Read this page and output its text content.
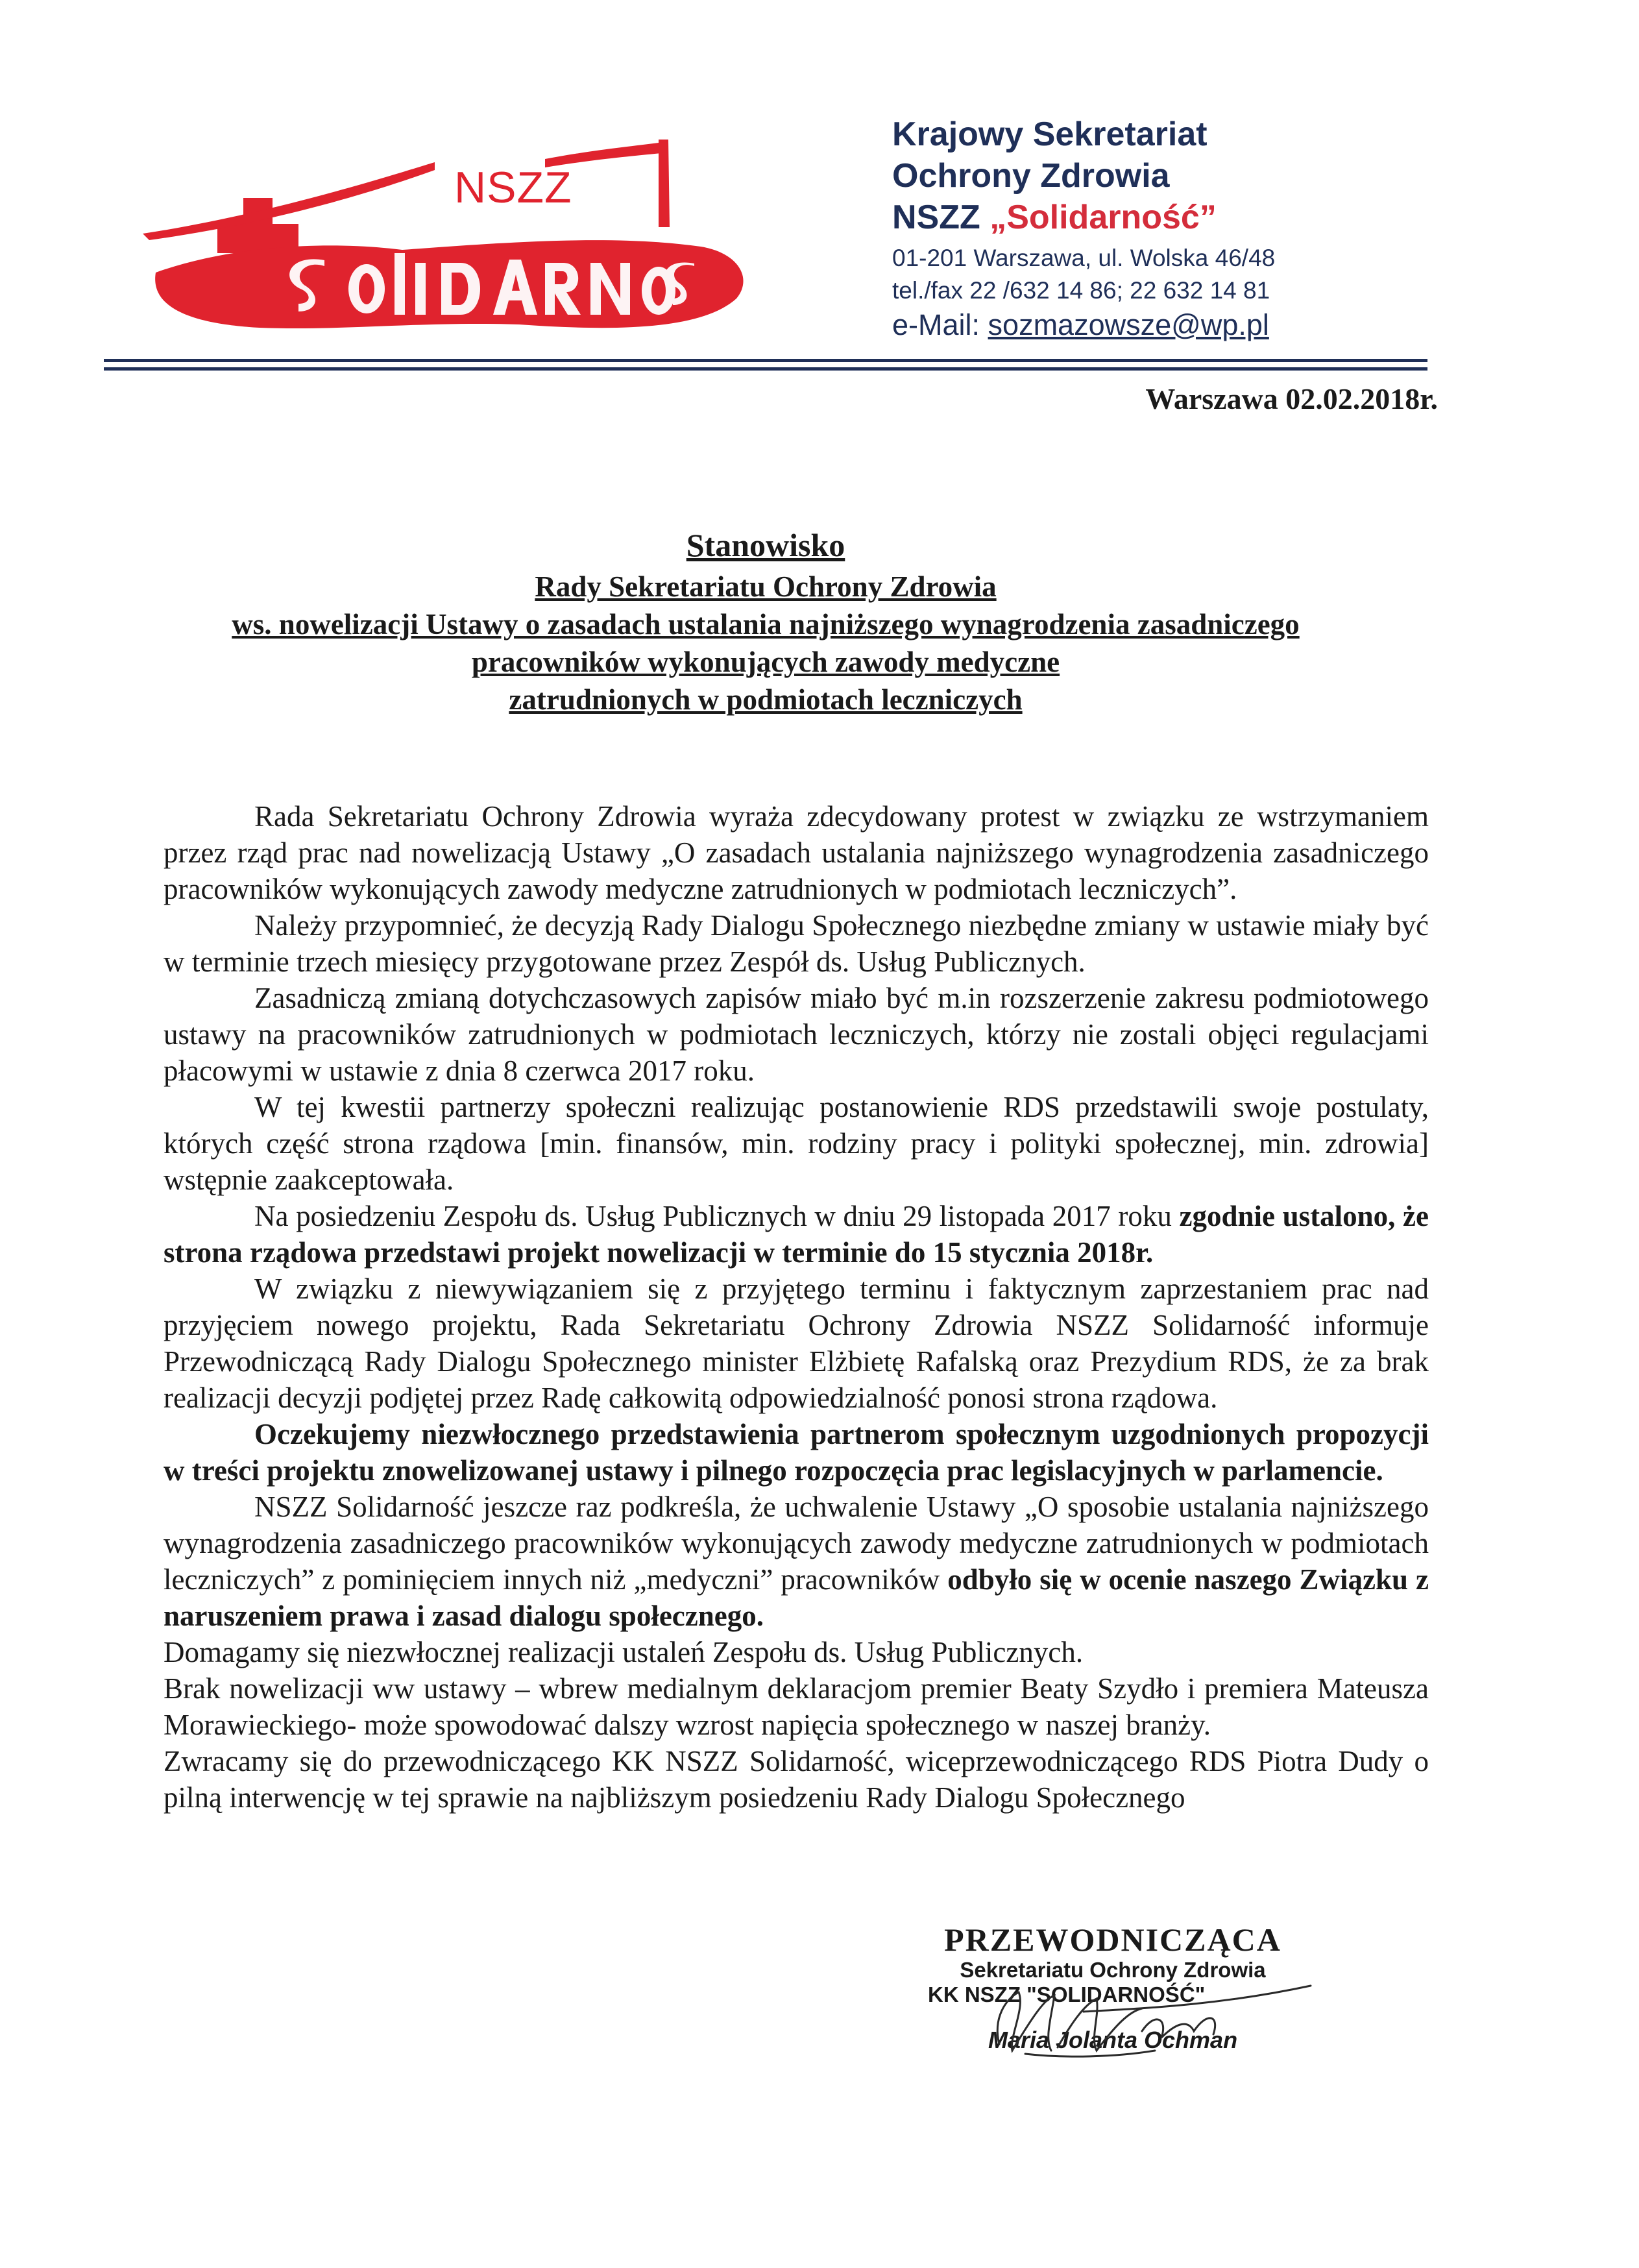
NSZZ
Krajowy Sekretariat
Ochrony Zdrowia
NSZZ „Solidarność”
01-201 Warszawa, ul. Wolska 46/48
tel./fax 22 /632 14 86; 22 632 14 81
e-Mail: sozmazowsze@wp.pl
Warszawa 02.02.2018r.
Stanowisko
Rady Sekretariatu Ochrony Zdrowia
ws. nowelizacji Ustawy o zasadach ustalania najniższego wynagrodzenia zasadniczego
pracowników wykonujących zawody medyczne
zatrudnionych w podmiotach leczniczych

Rada Sekretariatu Ochrony Zdrowia wyraża zdecydowany protest w związku ze wstrzymaniem przez rząd prac nad nowelizacją Ustawy „O zasadach ustalania najniższego wynagrodzenia zasadniczego pracowników wykonujących zawody medyczne zatrudnionych w podmiotach leczniczych”.

Należy przypomnieć, że decyzją Rady Dialogu Społecznego niezbędne zmiany w ustawie miały być w terminie trzech miesięcy przygotowane przez Zespół ds. Usług Publicznych.

Zasadniczą zmianą dotychczasowych zapisów miało być m.in rozszerzenie zakresu podmiotowego ustawy na pracowników zatrudnionych w podmiotach leczniczych, którzy nie zostali objęci regulacjami płacowymi w ustawie z dnia 8 czerwca 2017 roku.

W tej kwestii partnerzy społeczni realizując postanowienie RDS przedstawili swoje postulaty, których część strona rządowa [min. finansów, min. rodziny pracy i polityki społecznej, min. zdrowia] wstępnie zaakceptowała.

Na posiedzeniu Zespołu ds. Usług Publicznych w dniu 29 listopada 2017 roku zgodnie ustalono, że strona rządowa przedstawi projekt nowelizacji w terminie do 15 stycznia 2018r.

W związku z niewywiązaniem się z przyjętego terminu i faktycznym zaprzestaniem prac nad przyjęciem nowego projektu, Rada Sekretariatu Ochrony Zdrowia NSZZ Solidarność informuje Przewodniczącą Rady Dialogu Społecznego minister Elżbietę Rafalską oraz Prezydium RDS, że za brak realizacji decyzji podjętej przez Radę całkowitą odpowiedzialność ponosi strona rządowa.

Oczekujemy niezwłocznego przedstawienia partnerom społecznym uzgodnionych propozycji w treści projektu znowelizowanej ustawy i pilnego rozpoczęcia prac legislacyjnych w parlamencie.

NSZZ Solidarność jeszcze raz podkreśla, że uchwalenie Ustawy „O sposobie ustalania najniższego wynagrodzenia zasadniczego pracowników wykonujących zawody medyczne zatrudnionych w podmiotach leczniczych” z pominięciem innych niż „medyczni” pracowników odbyło się w ocenie naszego Związku z naruszeniem prawa i zasad dialogu społecznego.

Domagamy się niezwłocznej realizacji ustaleń Zespołu ds. Usług Publicznych.

Brak nowelizacji ww ustawy – wbrew medialnym deklaracjom premier Beaty Szydło i premiera Mateusza Morawieckiego- może spowodować dalszy wzrost napięcia społecznego w naszej branży.

Zwracamy się do przewodniczącego KK NSZZ Solidarność, wiceprzewodniczącego RDS Piotra Dudy o pilną interwencję w tej sprawie na najbliższym posiedzeniu Rady Dialogu Społecznego

PRZEWODNICZĄCA
Sekretariatu Ochrony Zdrowia
KK NSZZ "SOLIDARNOŚĆ"
Maria Jolanta Ochman
